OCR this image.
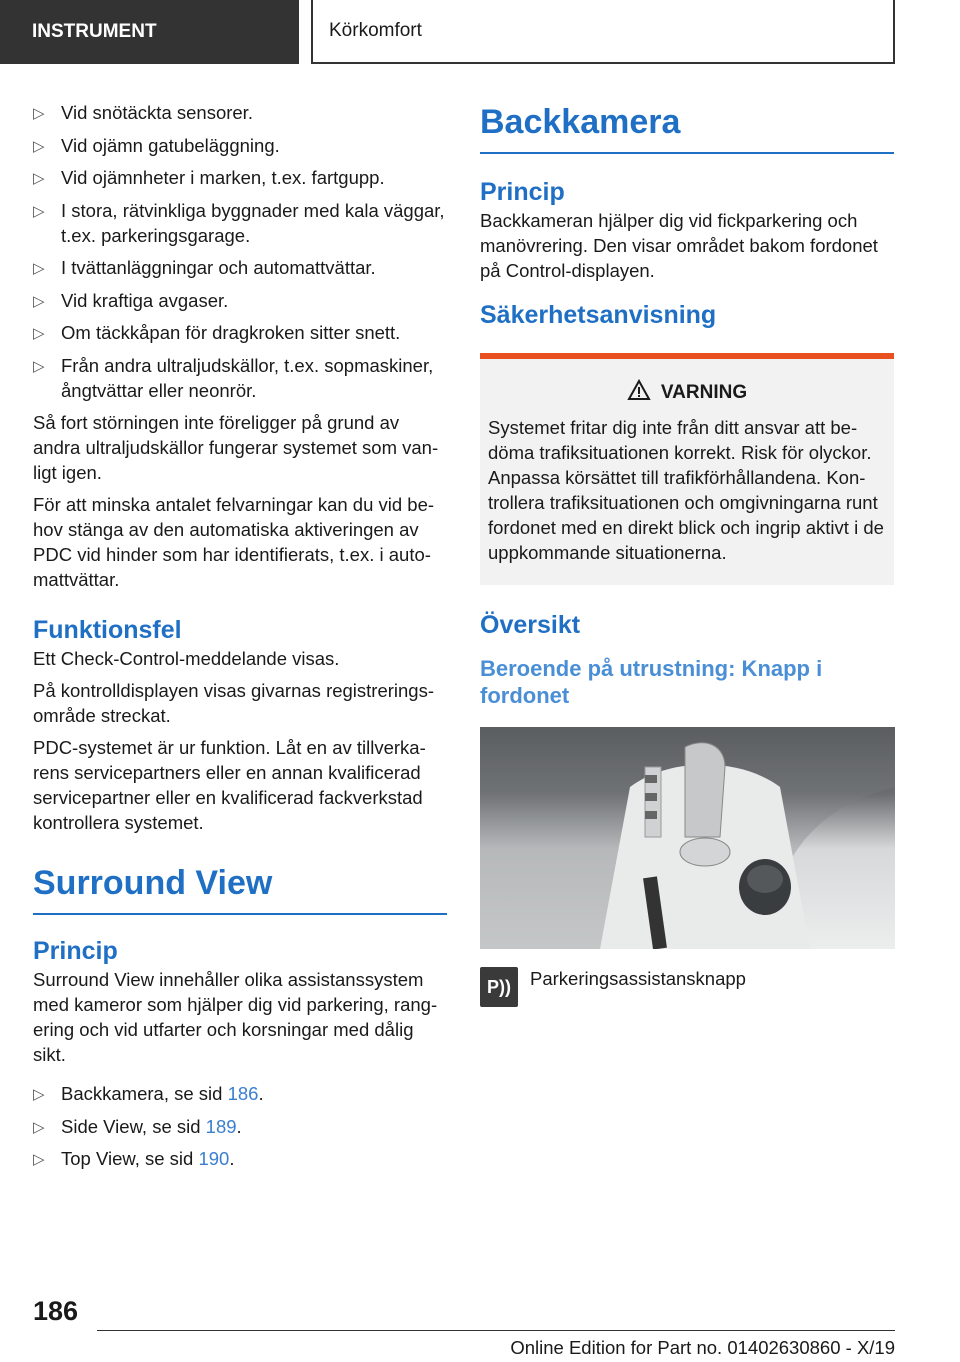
INSTRUMENT	Körkomfort
▷ Vid snötäckta sensorer.
▷ Vid ojämn gatubeläggning.
▷ Vid ojämnheter i marken, t.ex. fartgupp.
▷ I stora, rätvinkliga byggnader med kala väggar, t.ex. parkeringsgarage.
▷ I tvättanläggningar och automattvättar.
▷ Vid kraftiga avgaser.
▷ Om täckkåpan för dragkroken sitter snett.
▷ Från andra ultraljudskällor, t.ex. sopmaskiner, ångtvättar eller neonrör.

Så fort störningen inte föreligger på grund av andra ultraljudskällor fungerar systemet som vanligt igen.

För att minska antalet felvarningar kan du vid behov stänga av den automatiska aktiveringen av PDC vid hinder som har identifierats, t.ex. i automattvättar.

Funktionsfel

Ett Check-Control-meddelande visas.

På kontrolldisplayen visas givarnas registreringsområde streckat.

PDC-systemet är ur funktion. Låt en av tillverkarens servicepartners eller en annan kvalificerad servicepartner eller en kvalificerad fackverkstad kontrollera systemet.

Surround View
Princip

Surround View innehåller olika assistanssystem med kameror som hjälper dig vid parkering, rangering och vid utfarter och korsningar med dålig sikt.

▷ Backkamera, se sid 186.
▷ Side View, se sid 189.
▷ Top View, se sid 190.
Backkamera
Princip

Backkameran hjälper dig vid fickparkering och manövrering. Den visar området bakom fordonet på Control-displayen.

Säkerhetsanvisning
VARNING

Systemet fritar dig inte från ditt ansvar att bedöma trafiksituationen korrekt. Risk för olyckor. Anpassa körsättet till trafikförhållandena. Kontrollera trafiksituationen och omgivningarna runt fordonet med en direkt blick och ingrip aktivt i de uppkommande situationerna.

Översikt
Beroende på utrustning: Knapp i fordonet
P))	Parkeringsassistansknapp
186
Online Edition for Part no. 01402630860 - X/19
